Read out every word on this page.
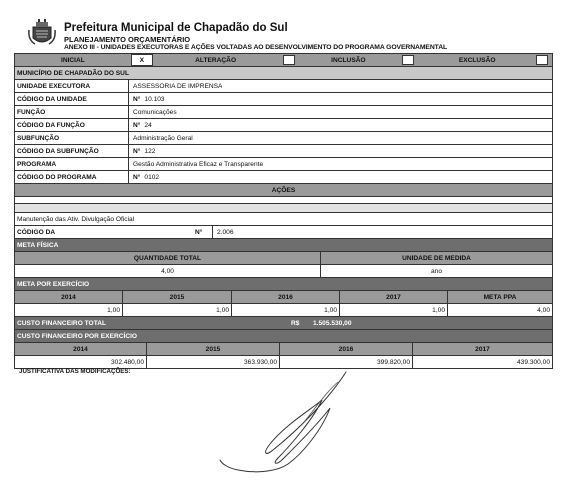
Prefeitura Municipal de Chapadão do Sul
PLANEJAMENTO ORÇAMENTÁRIO
ANEXO III - UNIDADES EXECUTORAS E AÇÕES VOLTADAS AO DESENVOLVIMENTO DO PROGRAMA GOVERNAMENTAL
INICIAL	X	ALTERAÇÃO	INCLUSÃO	EXCLUSÃO
MUNICÍPIO DE CHAPADÃO DO SUL
UNIDADE EXECUTORA	ASSESSORIA DE IMPRENSA
CÓDIGO DA UNIDADE	N° 10.103
FUNÇÃO	Comunicações
CÓDIGO DA FUNÇÃO	N° 24
SUBFUNÇÃO	Administração Geral
CÓDIGO DA SUBFUNÇÃO	N° 122
PROGRAMA	Gestão Administrativa Eficaz e Transparente
CÓDIGO DO PROGRAMA	N° 0102
AÇÕES
Manutenção das Ativ. Divulgação Oficial
CÓDIGO DA	N°	2.006
META FÍSICA
QUANTIDADE TOTAL	UNIDADE DE MEDIDA
4,00	ano
META POR EXERCÍCIO
2014	2015	2016	2017	META PPA
1,00	1,00	1,00	1,00	4,00
CUSTO FINANCEIRO TOTAL	R$	1.505.530,00
CUSTO FINANCEIRO POR EXERCÍCIO
2014	2015	2016	2017
302.480,00	363.930,00	399.820,00	439.300,00
JUSTIFICATIVA DAS MODIFICAÇÕES:
